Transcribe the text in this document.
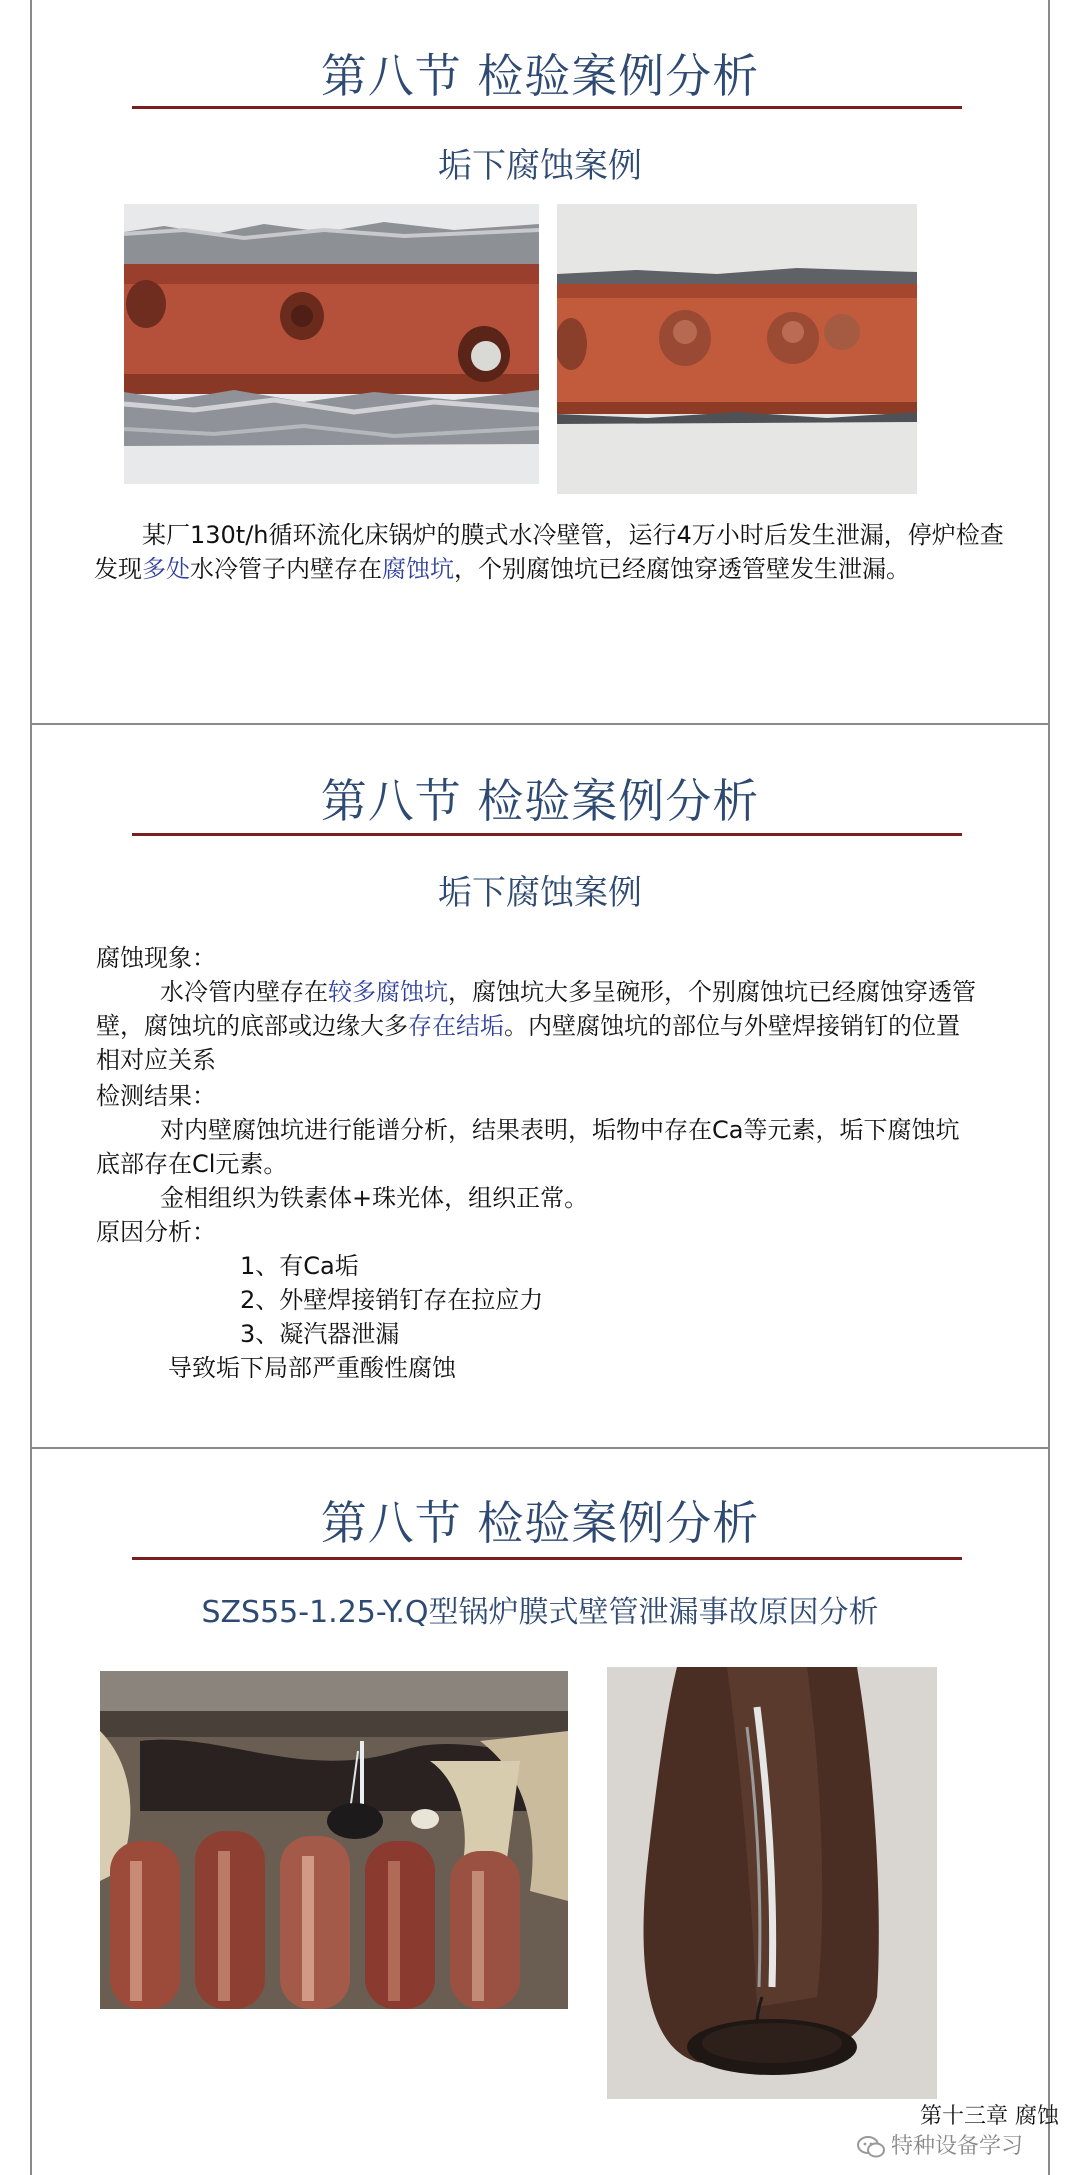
第八节 检验案例分析
垢下腐蚀案例
某厂130t/h循环流化床锅炉的膜式水冷壁管，运行4万小时后发生泄漏，停炉检查发现多处水冷管子内壁存在腐蚀坑，个别腐蚀坑已经腐蚀穿透管壁发生泄漏。
第八节 检验案例分析
垢下腐蚀案例
腐蚀现象：
水冷管内壁存在较多腐蚀坑，腐蚀坑大多呈碗形，个别腐蚀坑已经腐蚀穿透管壁，腐蚀坑的底部或边缘大多存在结垢。内壁腐蚀坑的部位与外壁焊接销钉的位置相对应关系
检测结果：
对内壁腐蚀坑进行能谱分析，结果表明，垢物中存在Ca等元素，垢下腐蚀坑底部存在Cl元素。
金相组织为铁素体+珠光体，组织正常。
原因分析：
1、有Ca垢
2、外壁焊接销钉存在拉应力
3、凝汽器泄漏
导致垢下局部严重酸性腐蚀
第八节 检验案例分析
SZS55-1.25-Y.Q型锅炉膜式壁管泄漏事故原因分析
第十三章 腐蚀
特种设备学习
